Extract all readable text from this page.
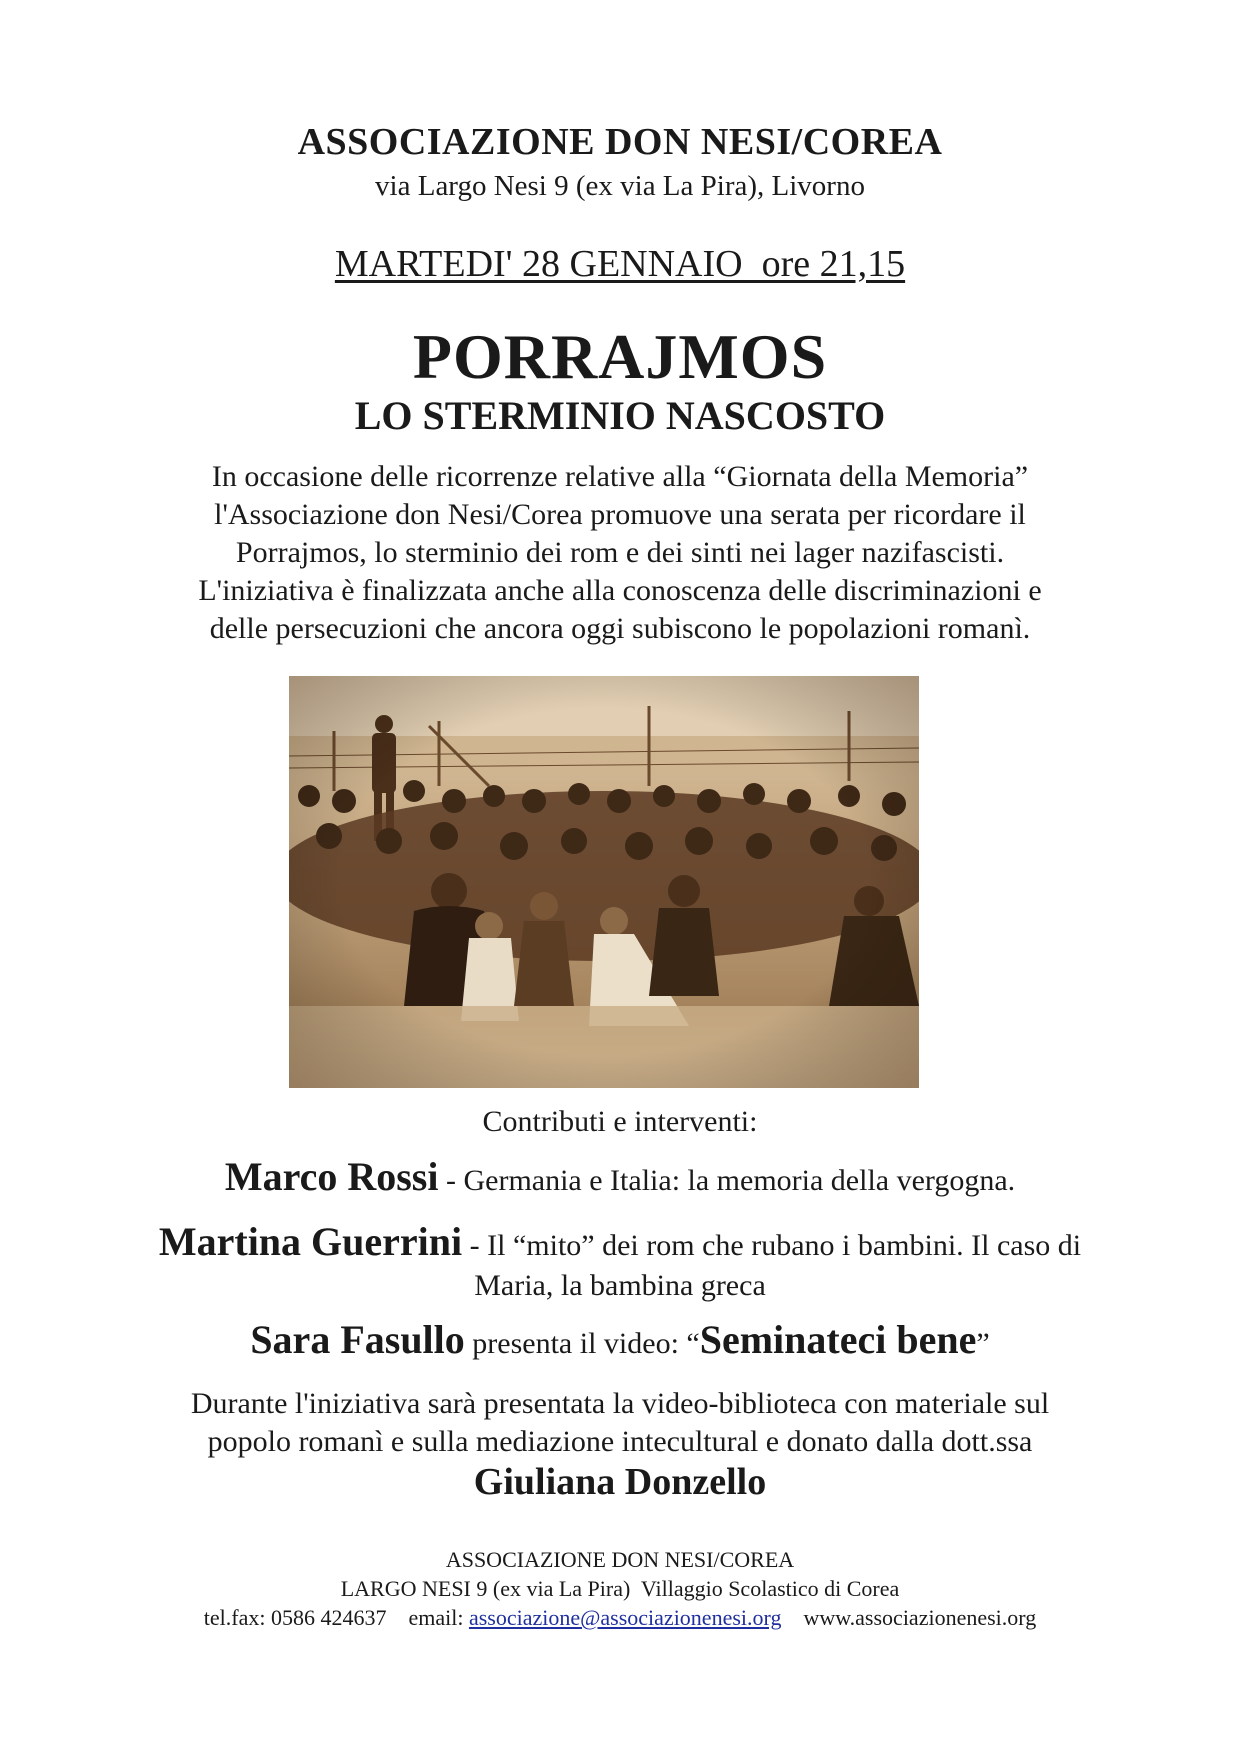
ASSOCIAZIONE DON NESI/COREA
via Largo Nesi 9 (ex via La Pira), Livorno
MARTEDI' 28 GENNAIO  ore 21,15
PORRAJMOS
LO STERMINIO NASCOSTO
In occasione delle ricorrenze relative alla “Giornata della Memoria”
l'Associazione don Nesi/Corea promuove una serata per ricordare il
Porrajmos, lo sterminio dei rom e dei sinti nei lager nazifascisti.
L'iniziativa è finalizzata anche alla conoscenza delle discriminazioni e
delle persecuzioni che ancora oggi subiscono le popolazioni romanì.
Contributi e interventi:
Marco Rossi - Germania e Italia: la memoria della vergogna.
Martina Guerrini - Il “mito” dei rom che rubano i bambini. Il caso di
Maria, la bambina greca
Sara Fasullo presenta il video: “Seminateci bene”
Durante l'iniziativa sarà presentata la video-biblioteca con materiale sul
popolo romanì e sulla mediazione intecultural e donato dalla dott.ssa
Giuliana Donzello
ASSOCIAZIONE DON NESI/COREA
LARGO NESI 9 (ex via La Pira)  Villaggio Scolastico di Corea
tel.fax: 0586 424637 email: associazione@associazionenesi.org www.associazionenesi.org
